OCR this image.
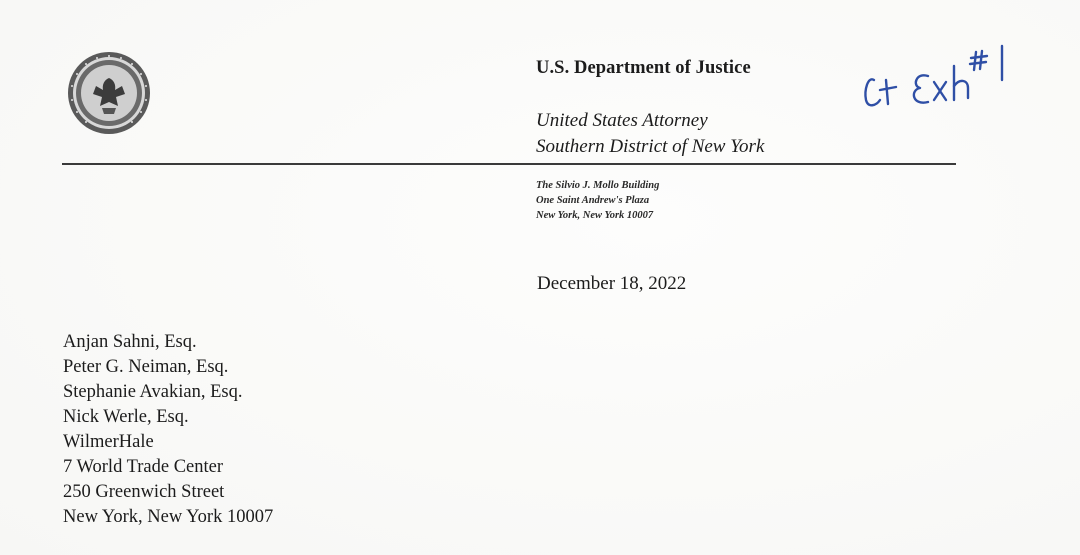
U.S. Department of Justice
United States Attorney
Southern District of New York
The Silvio J. Mollo Building
One Saint Andrew's Plaza
New York, New York 10007
December 18, 2022
Anjan Sahni, Esq.
Peter G. Neiman, Esq.
Stephanie Avakian, Esq.
Nick Werle, Esq.
WilmerHale
7 World Trade Center
250 Greenwich Street
New York, New York 10007
